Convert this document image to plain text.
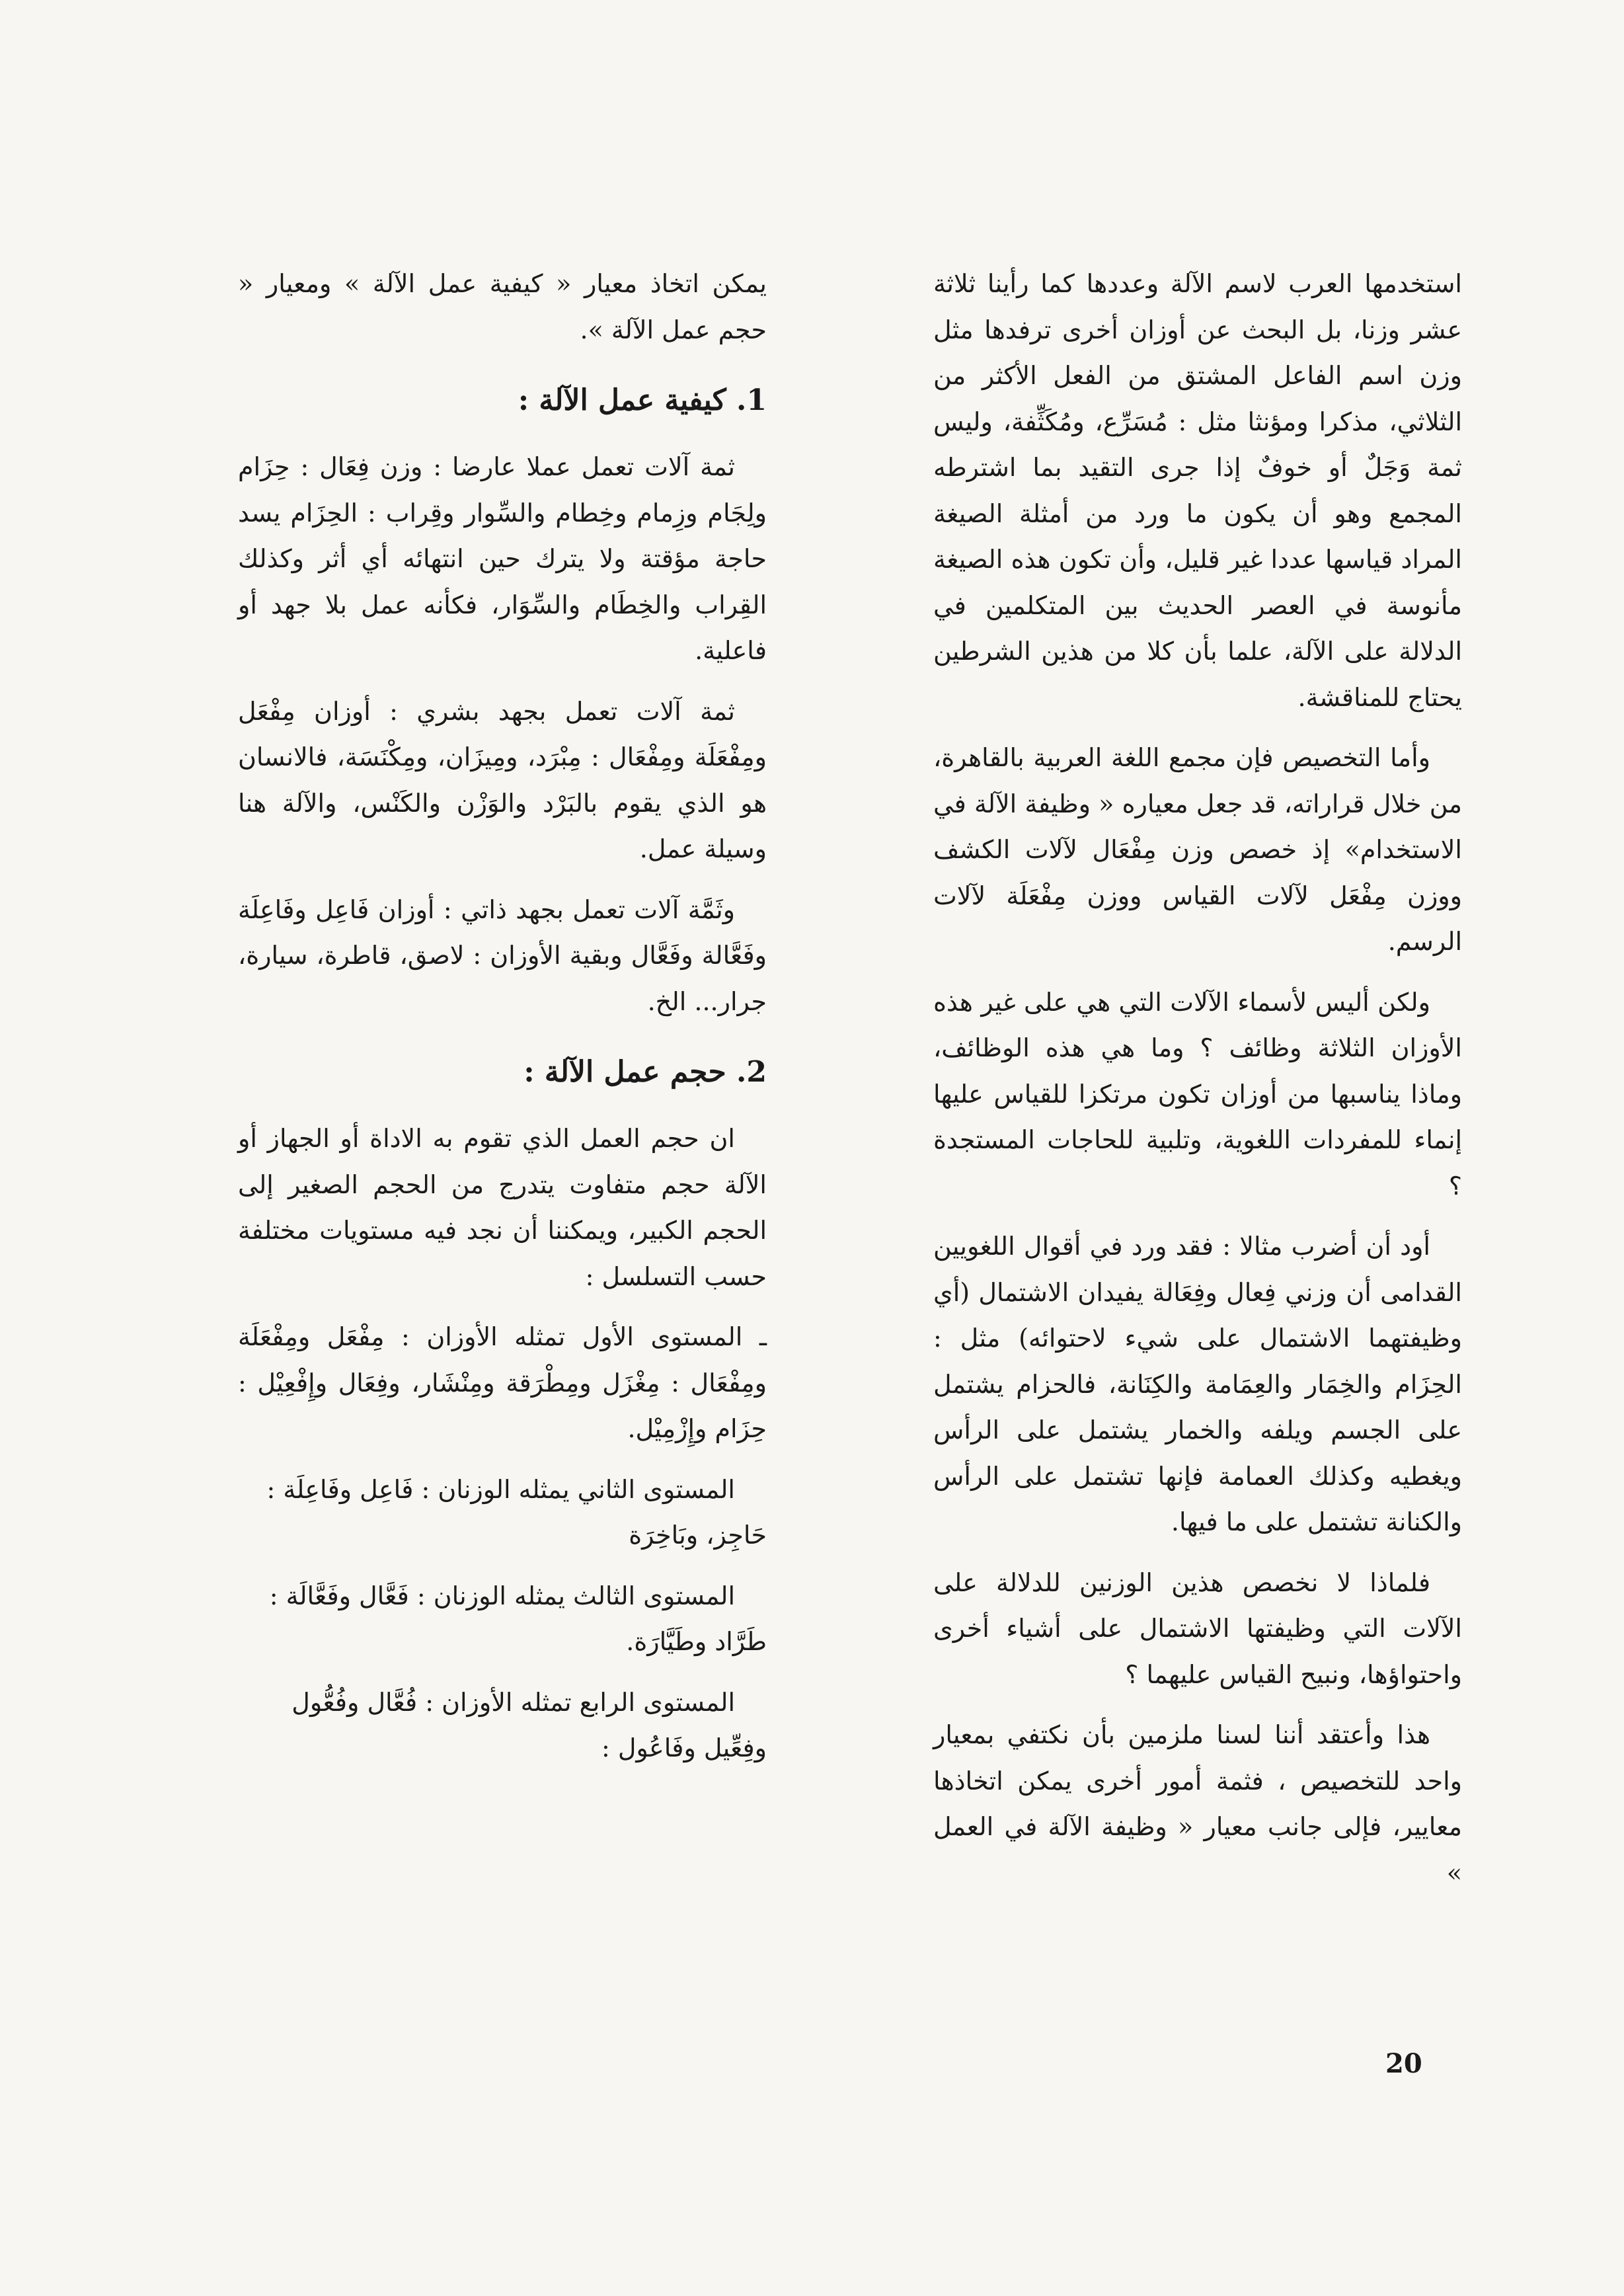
استخدمها العرب لاسم الآلة وعددها كما رأينا ثلاثة عشر وزنا، بل البحث عن أوزان أخرى ترفدها مثل وزن اسم الفاعل المشتق من الفعل الأكثر من الثلاثي، مذكرا ومؤنثا مثل : مُسَرِّع، ومُكَثِّفة، وليس ثمة وَجَلٌ أو خوفٌ إذا جرى التقيد بما اشترطه المجمع وهو أن يكون ما ورد من أمثلة الصيغة المراد قياسها عددا غير قليل، وأن تكون هذه الصيغة مأنوسة في العصر الحديث بين المتكلمين في الدلالة على الآلة، علما بأن كلا من هذين الشرطين يحتاج للمناقشة.

وأما التخصيص فإن مجمع اللغة العربية بالقاهرة، من خلال قراراته، قد جعل معياره « وظيفة الآلة في الاستخدام» إذ خصص وزن مِفْعَال لآلات الكشف ووزن مِفْعَل لآلات القياس ووزن مِفْعَلَة لآلات الرسم.

ولكن أليس لأسماء الآلات التي هي على غير هذه الأوزان الثلاثة وظائف ؟ وما هي هذه الوظائف، وماذا يناسبها من أوزان تكون مرتكزا للقياس عليها إنماء للمفردات اللغوية، وتلبية للحاجات المستجدة ؟

أود أن أضرب مثالا : فقد ورد في أقوال اللغويين القدامى أن وزني فِعال وفِعَالة يفيدان الاشتمال (أي وظيفتهما الاشتمال على شيء لاحتوائه) مثل : الحِزَام والخِمَار والعِمَامة والكِنَانة، فالحزام يشتمل على الجسم ويلفه والخمار يشتمل على الرأس ويغطيه وكذلك العمامة فإنها تشتمل على الرأس والكنانة تشتمل على ما فيها.

فلماذا لا نخصص هذين الوزنين للدلالة على الآلات التي وظيفتها الاشتمال على أشياء أخرى واحتواؤها، ونبيح القياس عليهما ؟

هذا وأعتقد أننا لسنا ملزمين بأن نكتفي بمعيار واحد للتخصيص ، فثمة أمور أخرى يمكن اتخاذها معايير، فإلى جانب معيار « وظيفة الآلة في العمل »

يمكن اتخاذ معيار « كيفية عمل الآلة » ومعيار « حجم عمل الآلة ».

1. كيفية عمل الآلة :

ثمة آلات تعمل عملا عارضا : وزن فِعَال : حِزَام ولِجَام وزِمام وخِطام والسِّوار وقِراب : الحِزَام يسد حاجة مؤقتة ولا يترك حين انتهائه أي أثر وكذلك القِراب والخِطَام والسِّوَار، فكأنه عمل بلا جهد أو فاعلية.

ثمة آلات تعمل بجهد بشري : أوزان مِفْعَل ومِفْعَلَة ومِفْعَال : مِبْرَد، ومِيزَان، ومِكْنَسَة، فالانسان هو الذي يقوم بالبَرْد والوَزْن والكَنْس، والآلة هنا وسيلة عمل.

وثَمَّة آلات تعمل بجهد ذاتي : أوزان فَاعِل وفَاعِلَة وفَعَّالة وفَعَّال وبقية الأوزان : لاصق، قاطرة، سيارة، جرار... الخ.

2. حجم عمل الآلة :

ان حجم العمل الذي تقوم به الاداة أو الجهاز أو الآلة حجم متفاوت يتدرج من الحجم الصغير إلى الحجم الكبير، ويمكننا أن نجد فيه مستويات مختلفة حسب التسلسل :

ـ المستوى الأول تمثله الأوزان : مِفْعَل ومِفْعَلَة ومِفْعَال : مِغْزَل ومِطْرَقة ومِنْشَار، وفِعَال وإِفْعِيْل : حِزَام وإِزْمِيْل.

المستوى الثاني يمثله الوزنان : فَاعِل وفَاعِلَة :

حَاجِز، وبَاخِرَة

المستوى الثالث يمثله الوزنان : فَعَّال وفَعَّالَة :

طَرَّاد وطَيَّارَة.

المستوى الرابع تمثله الأوزان : فُعَّال وفُعُّول

وفِعِّيل وفَاعُول :

20
